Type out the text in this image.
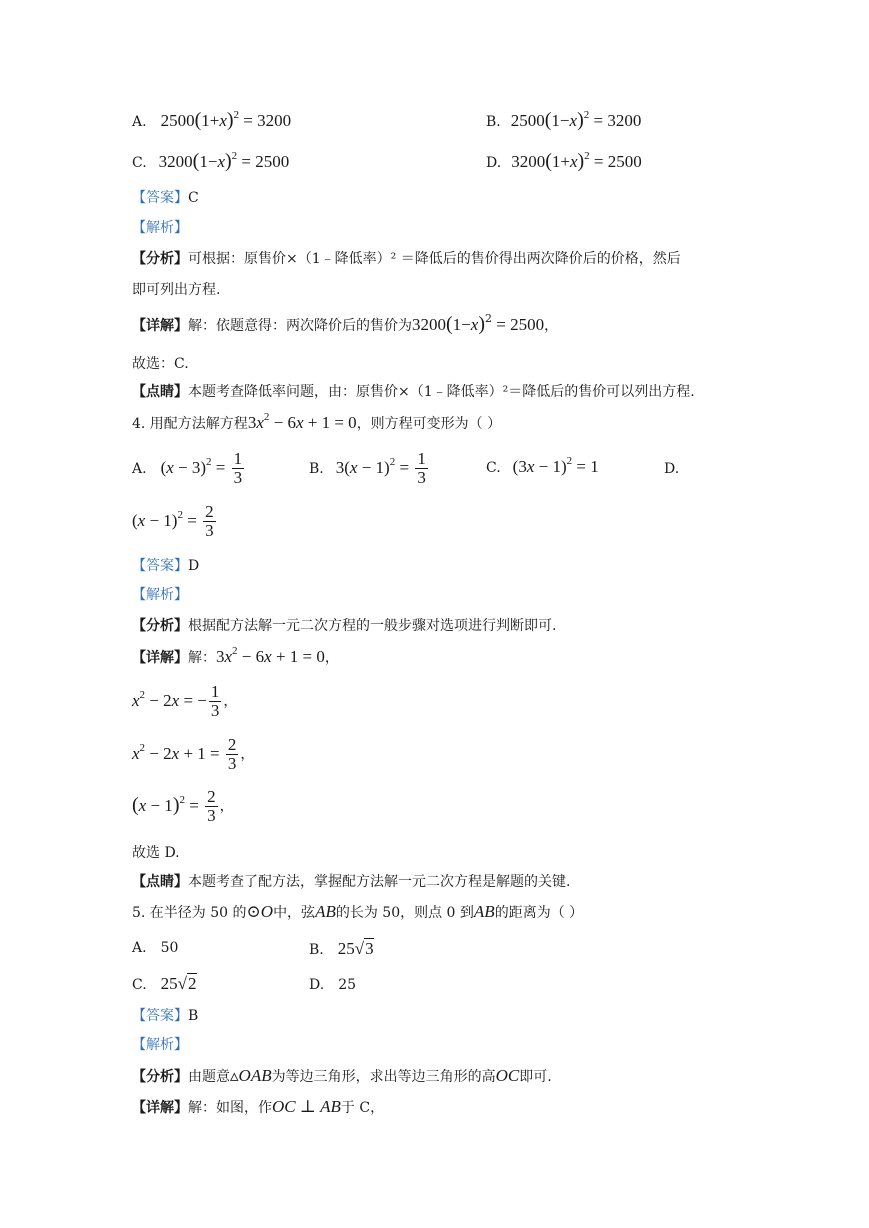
A. $2500(1+x)^2 = 3200$	B. $2500(1-x)^2 = 3200$
C. $3200(1-x)^2 = 2500$	D. $3200(1+x)^2 = 2500$
【答案】C
【解析】
【分析】可根据：原售价×（1﹣降低率）² ＝降低后的售价得出两次降价后的价格，然后
即可列出方程.
【详解】解：依题意得：两次降价后的售价为$3200(1-x)^2 = 2500$，
故选：C.
【点睛】本题考查降低率问题，由：原售价×（1﹣降低率）²＝降低后的售价可以列出方程.
4. 用配方法解方程$3x^2 - 6x + 1 = 0$，则方程可变形为（ ）
A. $(x - 3)^2 = \frac{1}{3}$	B. $3(x - 1)^2 = \frac{1}{3}$	C. $(3x - 1)^2 = 1$	D.
$(x - 1)^2 = \frac{2}{3}$
【答案】D
【解析】
【分析】根据配方法解一元二次方程的一般步骤对选项进行判断即可.
【详解】解：$3x^2 - 6x + 1 = 0$，
$x^2 - 2x$ = − $\frac{1}{3}$ ，
$x^2 - 2x + 1 = \frac{2}{3}$ ，
$(x - 1)^2 = \frac{2}{3}$ ，
故选 D.
【点睛】本题考查了配方法，掌握配方法解一元二次方程是解题的关键.
5. 在半径为 50 的⊙O中，弦AB的长为 50，则点 0 到AB的距离为（ ）
A. 50	B. 25√3
C. 25√2	D. 25
【答案】B
【解析】
【分析】由题意▵OAB为等边三角形，求出等边三角形的高OC即可.
【详解】解：如图，作OC ⊥ AB于 C，
